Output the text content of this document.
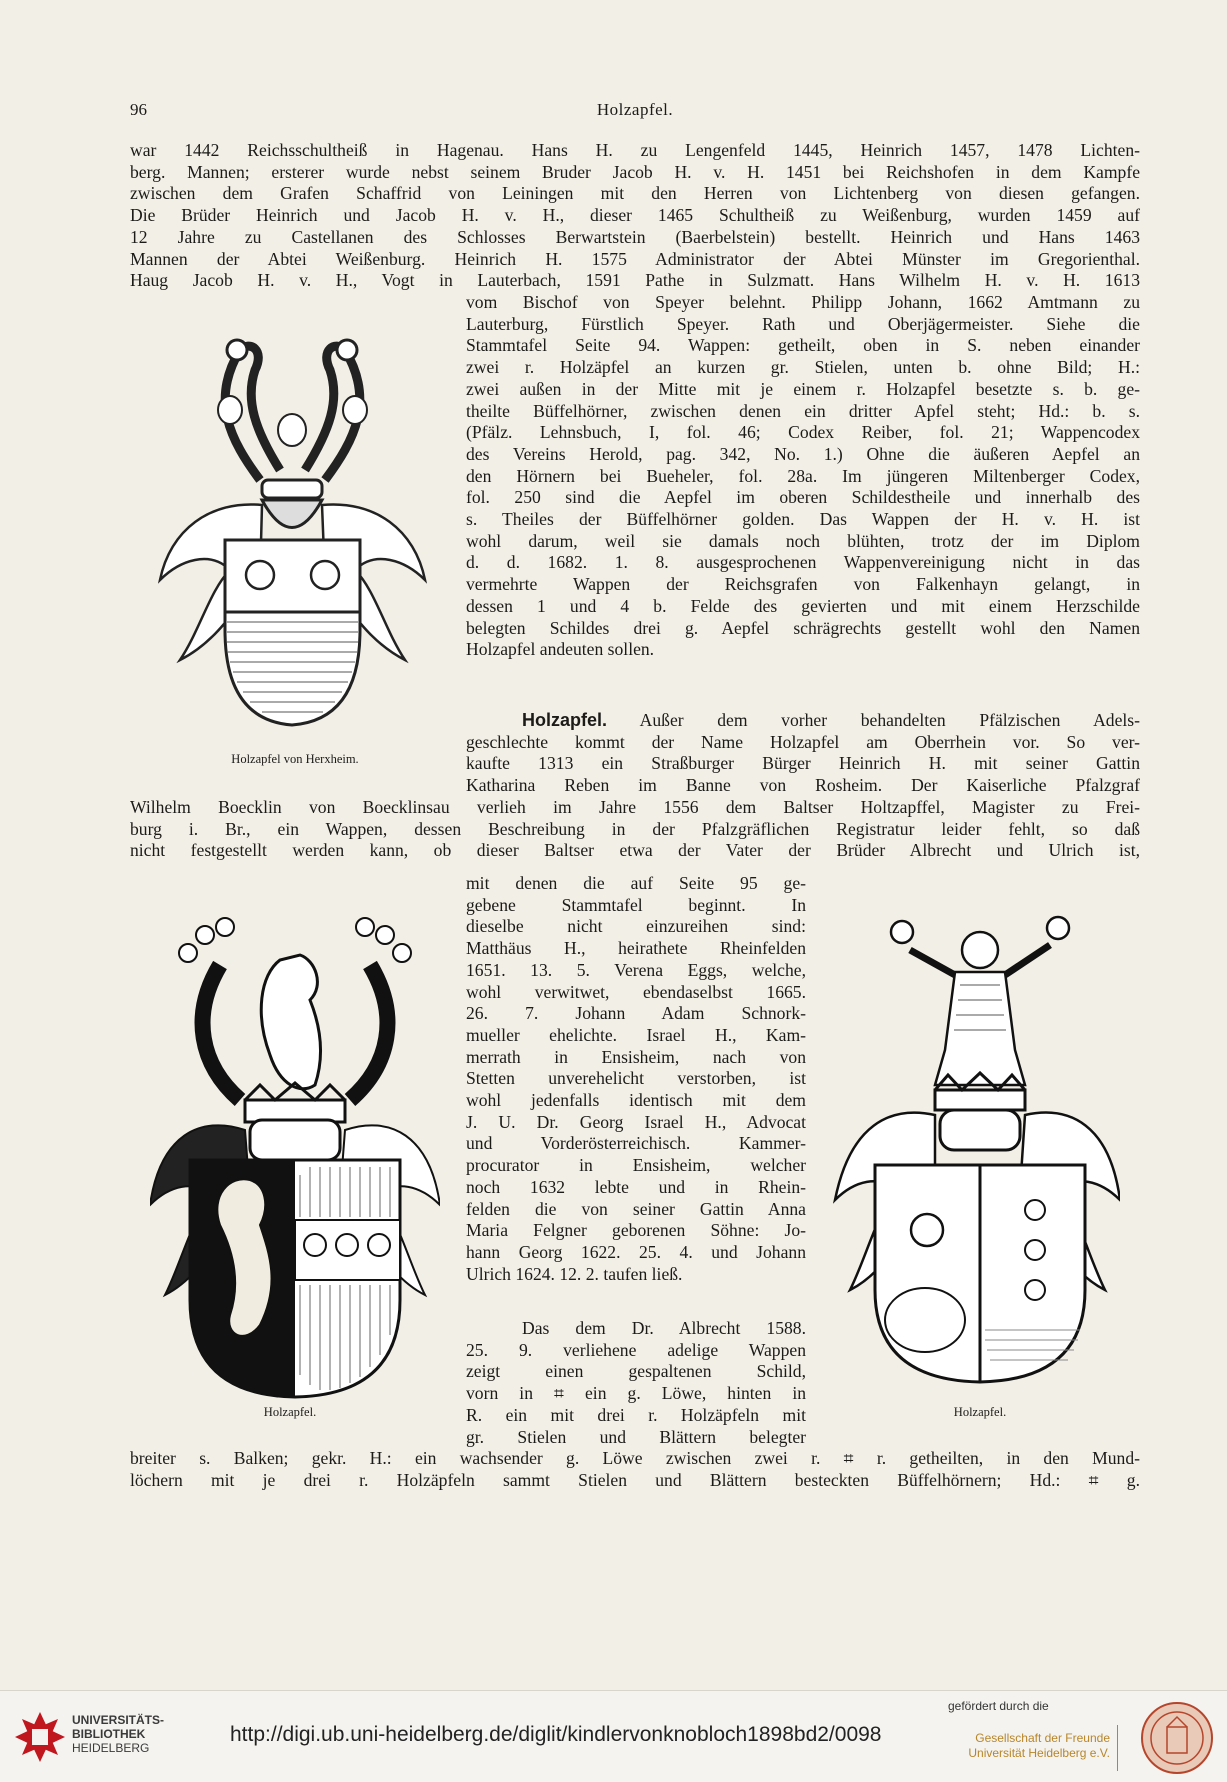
96	Holzapfel.
war 1442 Reichsschultheiß in Hagenau. Hans H. zu Lengenfeld 1445, Heinrich 1457, 1478 Lichten-
berg. Mannen; ersterer wurde nebst seinem Bruder Jacob H. v. H. 1451 bei Reichshofen in dem Kampfe
zwischen dem Grafen Schaffrid von Leiningen mit den Herren von Lichtenberg von diesen gefangen.
Die Brüder Heinrich und Jacob H. v. H., dieser 1465 Schultheiß zu Weißenburg, wurden 1459 auf
12 Jahre zu Castellanen des Schlosses Berwartstein (Baerbelstein) bestellt. Heinrich und Hans 1463
Mannen der Abtei Weißenburg. Heinrich H. 1575 Administrator der Abtei Münster im Gregorienthal.
Haug Jacob H. v. H., Vogt in Lauterbach, 1591 Pathe in Sulzmatt. Hans Wilhelm H. v. H. 1613
Holzapfel von Herxheim.
vom Bischof von Speyer belehnt. Philipp Johann, 1662 Amtmann zu
Lauterburg, Fürstlich Speyer. Rath und Oberjägermeister. Siehe die
Stammtafel Seite 94. Wappen: getheilt, oben in S. neben einander
zwei r. Holzäpfel an kurzen gr. Stielen, unten b. ohne Bild; H.:
zwei außen in der Mitte mit je einem r. Holzapfel besetzte s. b. ge-
theilte Büffelhörner, zwischen denen ein dritter Apfel steht; Hd.: b. s.
(Pfälz. Lehnsbuch, I, fol. 46; Codex Reiber, fol. 21; Wappencodex
des Vereins Herold, pag. 342, No. 1.) Ohne die äußeren Aepfel an
den Hörnern bei Bueheler, fol. 28a. Im jüngeren Miltenberger Codex,
fol. 250 sind die Aepfel im oberen Schildestheile und innerhalb des
s. Theiles der Büffelhörner golden. Das Wappen der H. v. H. ist
wohl darum, weil sie damals noch blühten, trotz der im Diplom
d. d. 1682. 1. 8. ausgesprochenen Wappenvereinigung nicht in das
vermehrte Wappen der Reichsgrafen von Falkenhayn gelangt, in
dessen 1 und 4 b. Felde des gevierten und mit einem Herzschilde
belegten Schildes drei g. Aepfel schrägrechts gestellt wohl den Namen
Holzapfel andeuten sollen.
Holzapfel. Außer dem vorher behandelten Pfälzischen Adels-
geschlechte kommt der Name Holzapfel am Oberrhein vor. So ver-
kaufte 1313 ein Straßburger Bürger Heinrich H. mit seiner Gattin
Katharina Reben im Banne von Rosheim. Der Kaiserliche Pfalzgraf
Wilhelm Boecklin von Boecklinsau verlieh im Jahre 1556 dem Baltser Holtzapffel, Magister zu Frei-
burg i. Br., ein Wappen, dessen Beschreibung in der Pfalzgräflichen Registratur leider fehlt, so daß
nicht festgestellt werden kann, ob dieser Baltser etwa der Vater der Brüder Albrecht und Ulrich ist,
Holzapfel.
mit denen die auf Seite 95 ge-
gebene Stammtafel beginnt. In
dieselbe nicht einzureihen sind:
Matthäus H., heirathete Rheinfelden
1651. 13. 5. Verena Eggs, welche,
wohl verwitwet, ebendaselbst 1665.
26. 7. Johann Adam Schnork-
mueller ehelichte. Israel H., Kam-
merrath in Ensisheim, nach von
Stetten unverehelicht verstorben, ist
wohl jedenfalls identisch mit dem
J. U. Dr. Georg Israel H., Advocat
und Vorderösterreichisch. Kammer-
procurator in Ensisheim, welcher
noch 1632 lebte und in Rhein-
felden die von seiner Gattin Anna
Maria Felgner geborenen Söhne: Jo-
hann Georg 1622. 25. 4. und Johann
Ulrich 1624. 12. 2. taufen ließ.
Das dem Dr. Albrecht 1588.
25. 9. verliehene adelige Wappen
zeigt einen gespaltenen Schild,
vorn in ⌗ ein g. Löwe, hinten in
R. ein mit drei r. Holzäpfeln mit
gr. Stielen und Blättern belegter
Holzapfel.
breiter s. Balken; gekr. H.: ein wachsender g. Löwe zwischen zwei r. ⌗ r. getheilten, in den Mund-
löchern mit je drei r. Holzäpfeln sammt Stielen und Blättern besteckten Büffelhörnern; Hd.: ⌗ g.
UNIVERSITÄTS-
BIBLIOTHEK
HEIDELBERG
http://digi.ub.uni-heidelberg.de/diglit/kindlervonknobloch1898bd2/0098
gefördert durch die
Gesellschaft der Freunde
Universität Heidelberg e.V.
